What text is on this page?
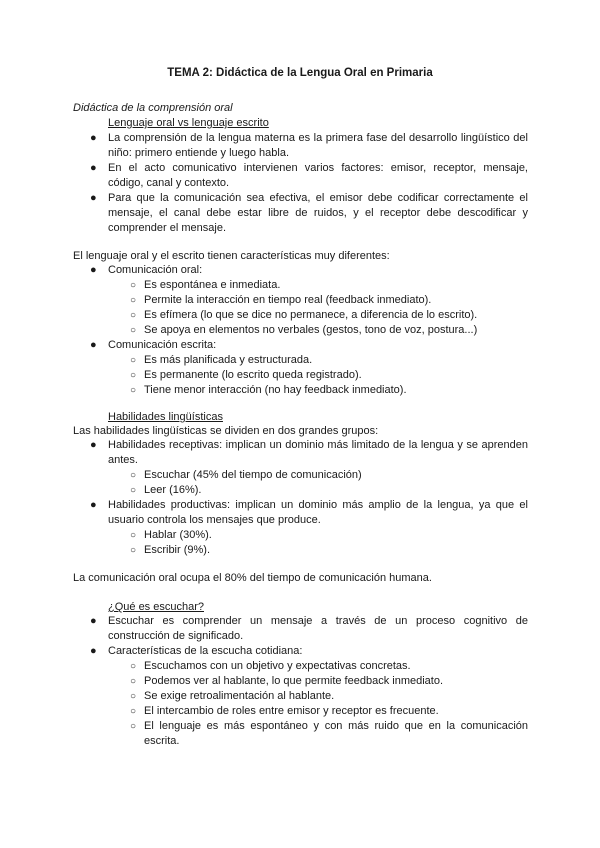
TEMA 2: Didáctica de la Lengua Oral en Primaria
Didáctica de la comprensión oral
Lenguaje oral vs lenguaje escrito
● La comprensión de la lengua materna es la primera fase del desarrollo lingüístico del niño: primero entiende y luego habla.
● En el acto comunicativo intervienen varios factores: emisor, receptor, mensaje, código, canal y contexto.
● Para que la comunicación sea efectiva, el emisor debe codificar correctamente el mensaje, el canal debe estar libre de ruidos, y el receptor debe descodificar y comprender el mensaje.
El lenguaje oral y el escrito tienen características muy diferentes:
● Comunicación oral:
○ Es espontánea e inmediata.
○ Permite la interacción en tiempo real (feedback inmediato).
○ Es efímera (lo que se dice no permanece, a diferencia de lo escrito).
○ Se apoya en elementos no verbales (gestos, tono de voz, postura...)
● Comunicación escrita:
○ Es más planificada y estructurada.
○ Es permanente (lo escrito queda registrado).
○ Tiene menor interacción (no hay feedback inmediato).
Habilidades lingüísticas
Las habilidades lingüísticas se dividen en dos grandes grupos:
● Habilidades receptivas: implican un dominio más limitado de la lengua y se aprenden antes.
○ Escuchar (45% del tiempo de comunicación)
○ Leer (16%).
● Habilidades productivas: implican un dominio más amplio de la lengua, ya que el usuario controla los mensajes que produce.
○ Hablar (30%).
○ Escribir (9%).
La comunicación oral ocupa el 80% del tiempo de comunicación humana.
¿Qué es escuchar?
● Escuchar es comprender un mensaje a través de un proceso cognitivo de construcción de significado.
● Características de la escucha cotidiana:
○ Escuchamos con un objetivo y expectativas concretas.
○ Podemos ver al hablante, lo que permite feedback inmediato.
○ Se exige retroalimentación al hablante.
○ El intercambio de roles entre emisor y receptor es frecuente.
○ El lenguaje es más espontáneo y con más ruido que en la comunicación escrita.
